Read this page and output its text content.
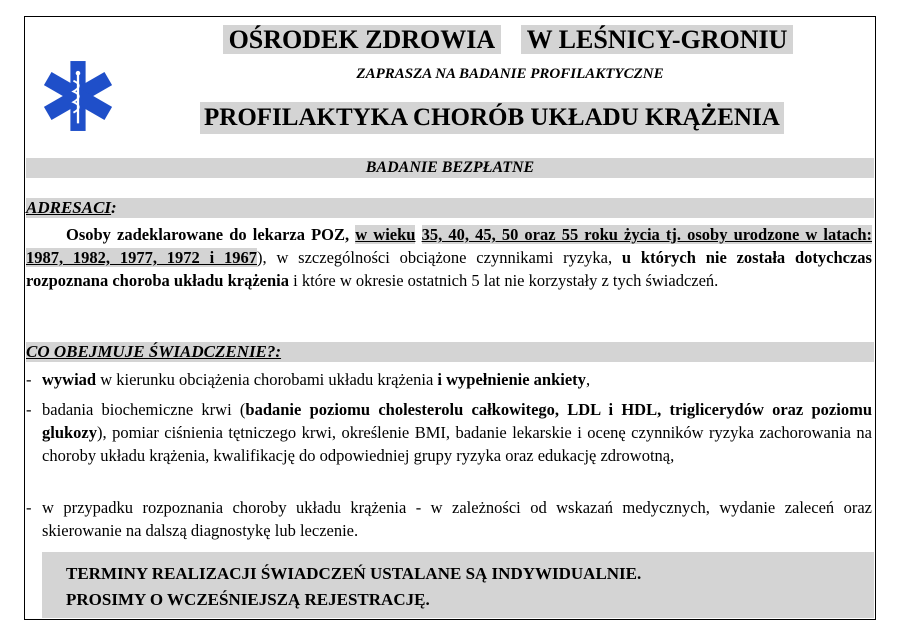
OŚRODEK ZDROWIA W LEŚNICY-GRONIU
ZAPRASZA NA BADANIE PROFILAKTYCZNE
PROFILAKTYKA CHORÓB UKŁADU KRĄŻENIA
BADANIE BEZPŁATNE
ADRESACI:
Osoby zadeklarowane do lekarza POZ, w wieku 35, 40, 45, 50 oraz 55 roku życia tj. osoby urodzone w latach: 1987, 1982, 1977, 1972 i 1967), w szczególności obciążone czynnikami ryzyka, u których nie została dotychczas rozpoznana choroba układu krążenia i które w okresie ostatnich 5 lat nie korzystały z tych świadczeń.
CO OBEJMUJE ŚWIADCZENIE?:
- wywiad w kierunku obciążenia chorobami układu krążenia i wypełnienie ankiety,
- badania biochemiczne krwi (badanie poziomu cholesterolu całkowitego, LDL i HDL, triglicerydów oraz poziomu glukozy), pomiar ciśnienia tętniczego krwi, określenie BMI, badanie lekarskie i ocenę czynników ryzyka zachorowania na choroby układu krążenia, kwalifikację do odpowiedniej grupy ryzyka oraz edukację zdrowotną,
- w przypadku rozpoznania choroby układu krążenia - w zależności od wskazań medycznych, wydanie zaleceń oraz skierowanie na dalszą diagnostykę lub leczenie.
TERMINY REALIZACJI ŚWIADCZEŃ USTALANE SĄ INDYWIDUALNIE.
PROSIMY O WCZEŚNIEJSZĄ REJESTRACJĘ.
